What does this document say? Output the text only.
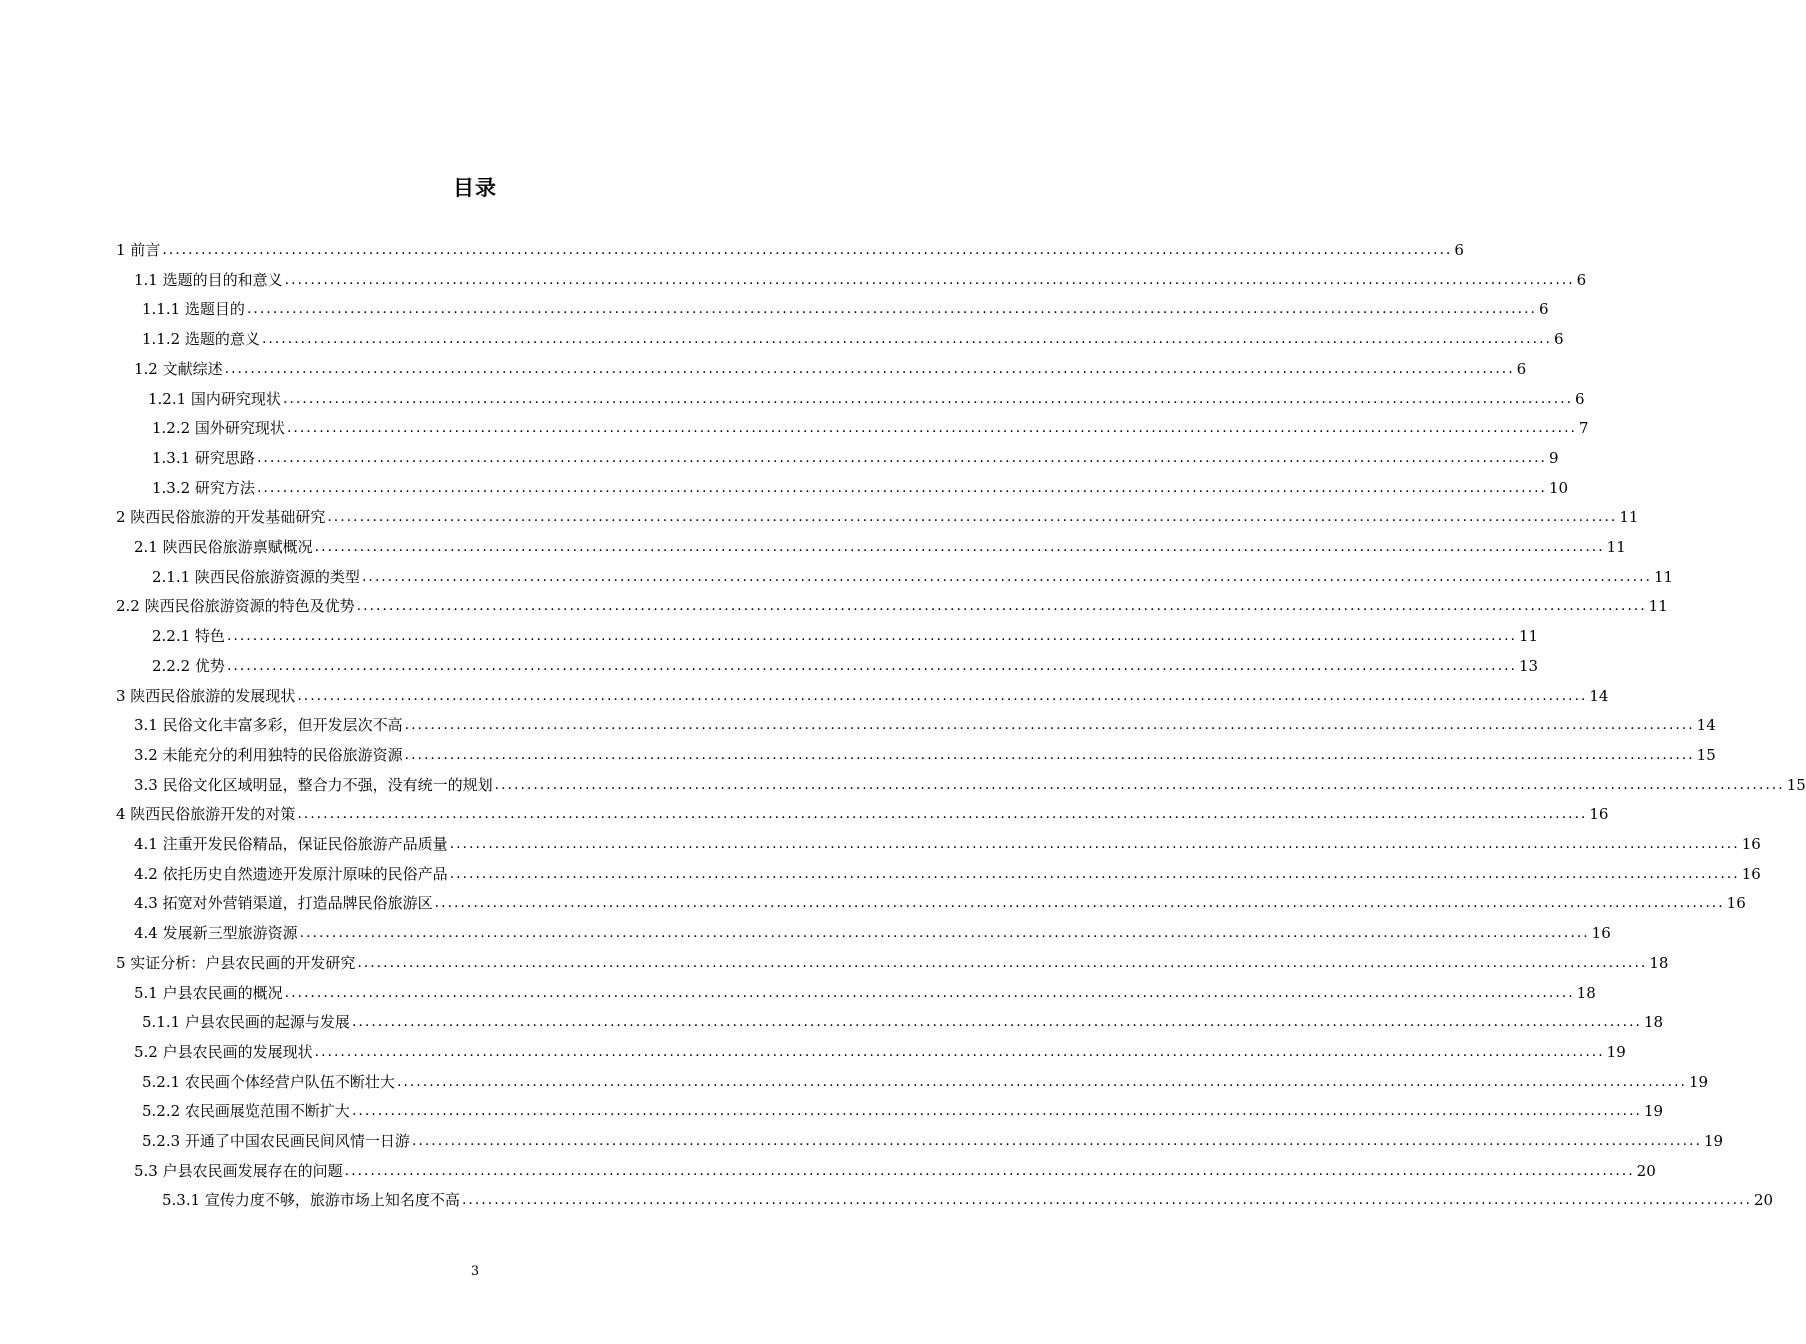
目录
1 前言 ........................................................................................................................................................................................................ 6
1.1 选题的目的和意义 ........................................................................................................................................................................................................ 6
1.1.1 选题目的 ........................................................................................................................................................................................................ 6
1.1.2 选题的意义 ........................................................................................................................................................................................................ 6
1.2 文献综述 ........................................................................................................................................................................................................ 6
1.2.1 国内研究现状 ........................................................................................................................................................................................................ 6
1.2.2 国外研究现状 ........................................................................................................................................................................................................ 7
1.3.1 研究思路 ........................................................................................................................................................................................................ 9
1.3.2 研究方法 ........................................................................................................................................................................................................ 10
2 陕西民俗旅游的开发基础研究 ........................................................................................................................................................................................................ 11
2.1 陕西民俗旅游禀赋概况 ........................................................................................................................................................................................................ 11
2.1.1 陕西民俗旅游资源的类型 ........................................................................................................................................................................................................ 11
2.2 陕西民俗旅游资源的特色及优势 ........................................................................................................................................................................................................ 11
2.2.1 特色 ........................................................................................................................................................................................................ 11
2.2.2 优势 ........................................................................................................................................................................................................ 13
3 陕西民俗旅游的发展现状 ........................................................................................................................................................................................................ 14
3.1 民俗文化丰富多彩，但开发层次不高 ........................................................................................................................................................................................................ 14
3.2 未能充分的利用独特的民俗旅游资源 ........................................................................................................................................................................................................ 15
3.3 民俗文化区域明显，整合力不强，没有统一的规划 ........................................................................................................................................................................................................ 15
4 陕西民俗旅游开发的对策 ........................................................................................................................................................................................................ 16
4.1 注重开发民俗精品，保证民俗旅游产品质量 ........................................................................................................................................................................................................ 16
4.2 依托历史自然遗迹开发原汁原味的民俗产品 ........................................................................................................................................................................................................ 16
4.3 拓宽对外营销渠道，打造品牌民俗旅游区 ........................................................................................................................................................................................................ 16
4.4 发展新三型旅游资源 ........................................................................................................................................................................................................ 16
5 实证分析：户县农民画的开发研究 ........................................................................................................................................................................................................ 18
5.1 户县农民画的概况 ........................................................................................................................................................................................................ 18
5.1.1 户县农民画的起源与发展 ........................................................................................................................................................................................................ 18
5.2 户县农民画的发展现状 ........................................................................................................................................................................................................ 19
5.2.1 农民画个体经营户队伍不断壮大 ........................................................................................................................................................................................................ 19
5.2.2 农民画展览范围不断扩大 ........................................................................................................................................................................................................ 19
5.2.3 开通了中国农民画民间风情一日游 ........................................................................................................................................................................................................ 19
5.3 户县农民画发展存在的问题 ........................................................................................................................................................................................................ 20
5.3.1 宣传力度不够，旅游市场上知名度不高 ........................................................................................................................................................................................................ 20
3
